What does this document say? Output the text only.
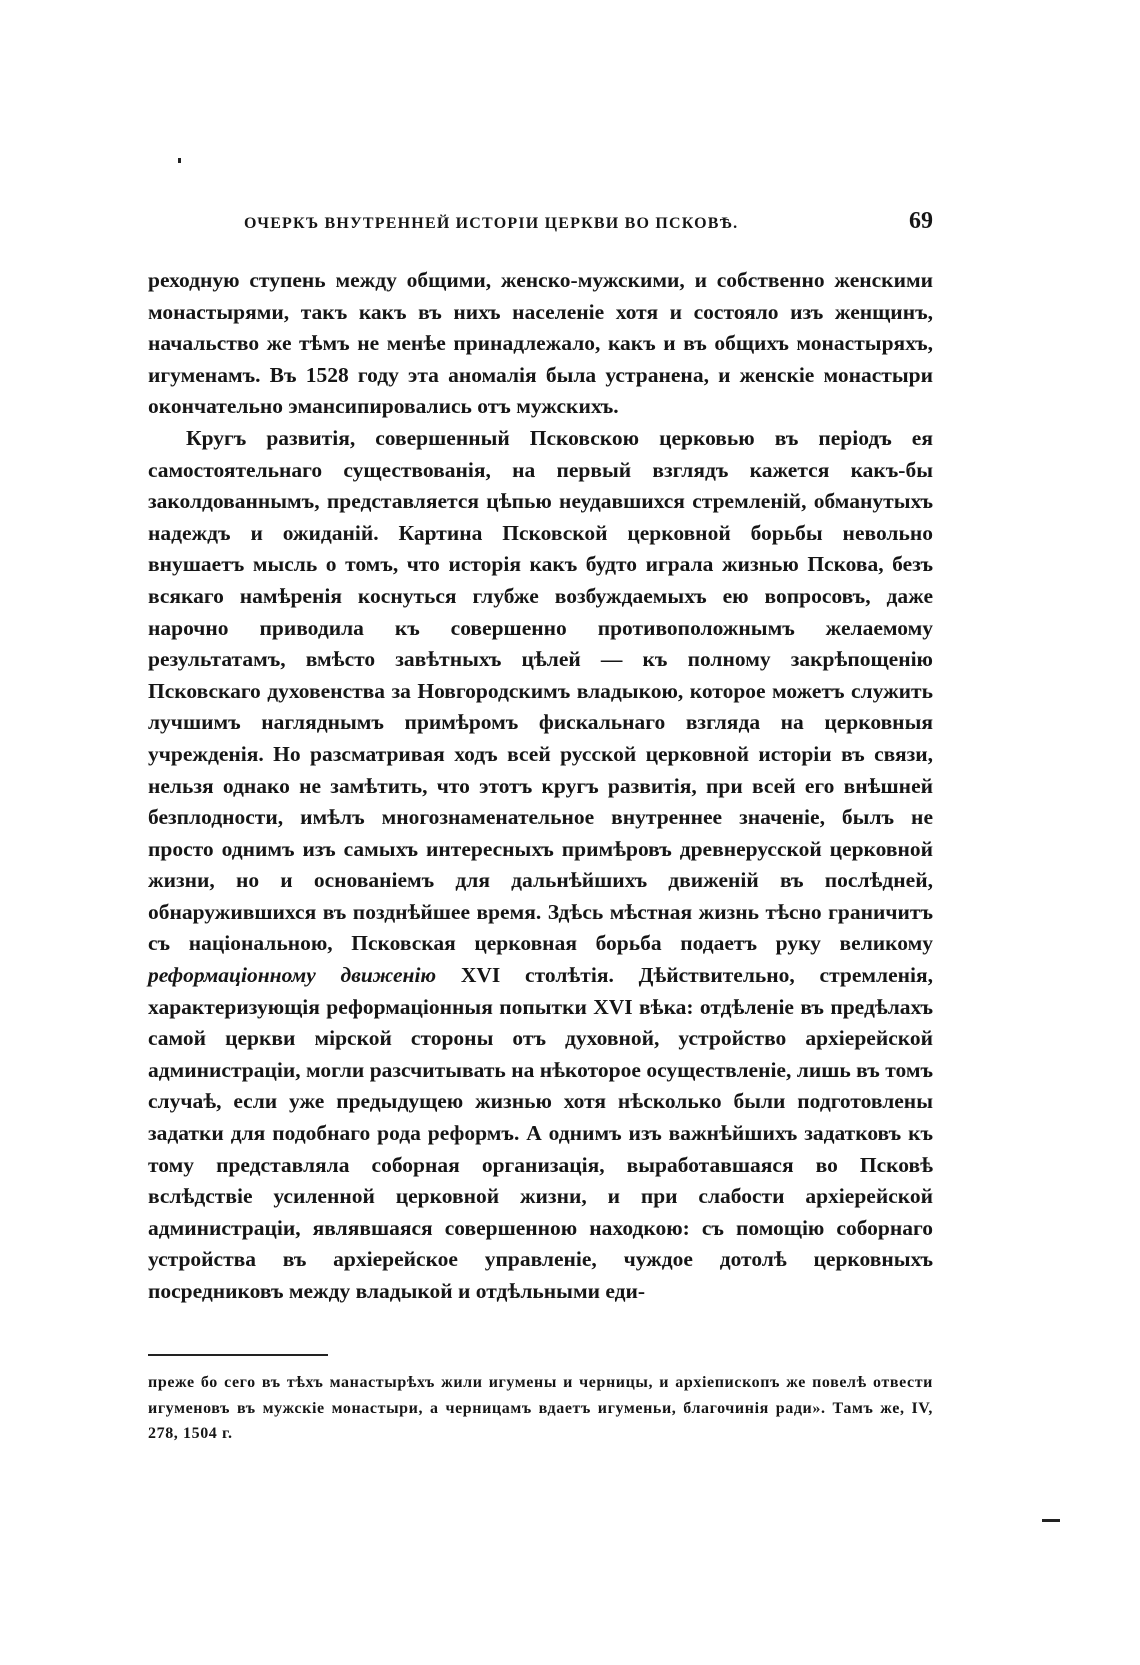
ОЧЕРКЪ ВНУТРЕННЕЙ ИСТОРІИ ЦЕРКВИ ВО ПСКОВѢ.	69

реходную ступень между общими, женско-мужскими, и собственно женскими монастырями, такъ какъ въ нихъ населеніе хотя и состояло изъ женщинъ, начальство же тѣмъ не менѣе принадлежало, какъ и въ общихъ монастыряхъ, игуменамъ. Въ 1528 году эта аномалія была устранена, и женскіе монастыри окончательно эмансипировались отъ мужскихъ.

Кругъ развитія, совершенный Псковскою церковью въ періодъ ея самостоятельнаго существованія, на первый взглядъ кажется какъ-бы заколдованнымъ, представляется цѣпью неудавшихся стремленій, обманутыхъ надеждъ и ожиданій. Картина Псковской церковной борьбы невольно внушаетъ мысль о томъ, что исторія какъ будто играла жизнью Пскова, безъ всякаго намѣренія коснуться глубже возбуждаемыхъ ею вопросовъ, даже нарочно приводила къ совершенно противоположнымъ желаемому результатамъ, вмѣсто завѣтныхъ цѣлей — къ полному закрѣпощенію Псковскаго духовенства за Новгородскимъ владыкою, которое можетъ служить лучшимъ нагляднымъ примѣромъ фискальнаго взгляда на церковныя учрежденія. Но разсматривая ходъ всей русской церковной исторіи въ связи, нельзя однако не замѣтить, что этотъ кругъ развитія, при всей его внѣшней безплодности, имѣлъ многознаменательное внутреннее значеніе, былъ не просто однимъ изъ самыхъ интересныхъ примѣровъ древнерусской церковной жизни, но и основаніемъ для дальнѣйшихъ движеній въ послѣдней, обнаружившихся въ позднѣйшее время. Здѣсь мѣстная жизнь тѣсно граничитъ съ національною, Псковская церковная борьба подаетъ руку великому реформаціонному движенію XVI столѣтія. Дѣйствительно, стремленія, характеризующія реформаціонныя попытки XVI вѣка: отдѣленіе въ предѣлахъ самой церкви мірской стороны отъ духовной, устройство архіерейской администраціи, могли разсчитывать на нѣкоторое осуществленіе, лишь въ томъ случаѣ, если уже предыдущею жизнью хотя нѣсколько были подготовлены задатки для подобнаго рода реформъ. А однимъ изъ важнѣйшихъ задатковъ къ тому представляла соборная организація, выработавшаяся во Псковѣ вслѣдствіе усиленной церковной жизни, и при слабости архіерейской администраціи, являвшаяся совершенною находкою: съ помощію соборнаго устройства въ архіерейское управленіе, чуждое дотолѣ церковныхъ посредниковъ между владыкой и отдѣльными еди-

преже бо сего въ тѣхъ манастырѣхъ жили игумены и черницы, и архіепископъ же повелѣ отвести игуменовъ въ мужскіе монастыри, а черницамъ вдаетъ игуменьи, благочинія ради». Тамъ же, IV, 278, 1504 г.
